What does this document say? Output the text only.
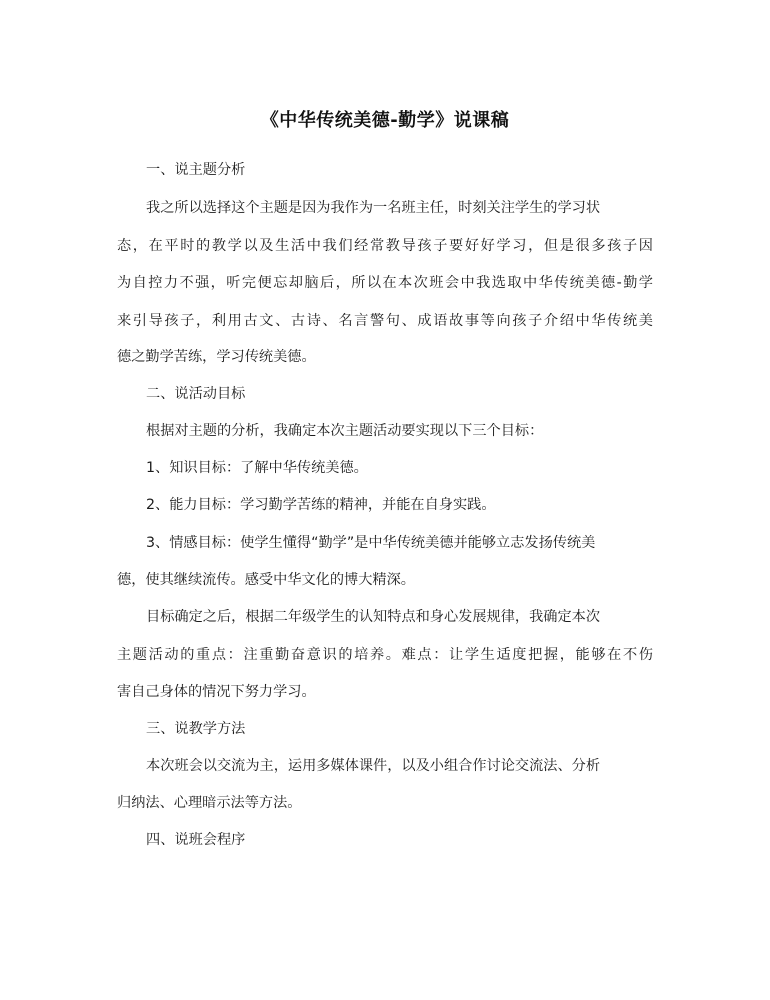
《中华传统美德-勤学》说课稿
一、说主题分析
我之所以选择这个主题是因为我作为一名班主任，时刻关注学生的学习状
态，在平时的教学以及生活中我们经常教导孩子要好好学习，但是很多孩子因
为自控力不强，听完便忘却脑后，所以在本次班会中我选取中华传统美德-勤学
来引导孩子，利用古文、古诗、名言警句、成语故事等向孩子介绍中华传统美
德之勤学苦练，学习传统美德。
二、说活动目标
根据对主题的分析，我确定本次主题活动要实现以下三个目标：
1、知识目标：了解中华传统美德。
2、能力目标：学习勤学苦练的精神，并能在自身实践。
3、情感目标：使学生懂得“勤学”是中华传统美德并能够立志发扬传统美
德，使其继续流传。感受中华文化的博大精深。
目标确定之后，根据二年级学生的认知特点和身心发展规律，我确定本次
主题活动的重点：注重勤奋意识的培养。难点：让学生适度把握，能够在不伤
害自己身体的情况下努力学习。
三、说教学方法
本次班会以交流为主，运用多媒体课件，以及小组合作讨论交流法、分析
归纳法、心理暗示法等方法。
四、说班会程序
